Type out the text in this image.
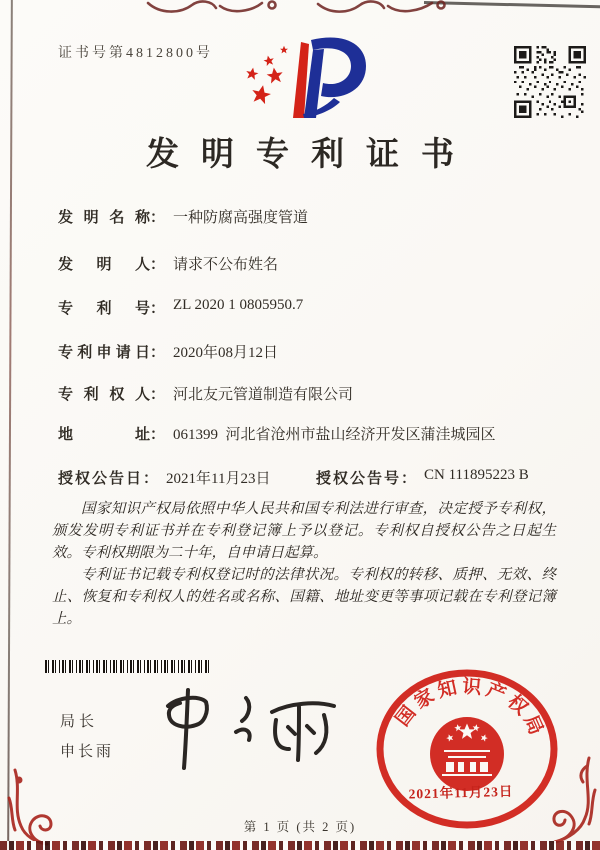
证书号第4812800号
发明专利证书
发明名称 ： 一种防腐高强度管道
发明人 ： 请求不公布姓名
专利号 ： ZL 2020 1 0805950.7
专利申请日 ： 2020年08月12日
专利权人 ： 河北友元管道制造有限公司
地址 ： 061399  河北省沧州市盐山经济开发区蒲洼城园区
授权公告日 ： 2021年11月23日	授权公告号 ： CN 111895223 B

国家知识产权局依照中华人民共和国专利法进行审查，决定授予专利权，颁发发明专利证书并在专利登记簿上予以登记。专利权自授权公告之日起生效。专利权期限为二十年，自申请日起算。

专利证书记载专利权登记时的法律状况。专利权的转移、质押、无效、终止、恢复和专利权人的姓名或名称、国籍、地址变更等事项记载在专利登记簿上。

局长
申长雨
国家知识产权局
2021年11月23日
第 1 页 (共 2 页)
